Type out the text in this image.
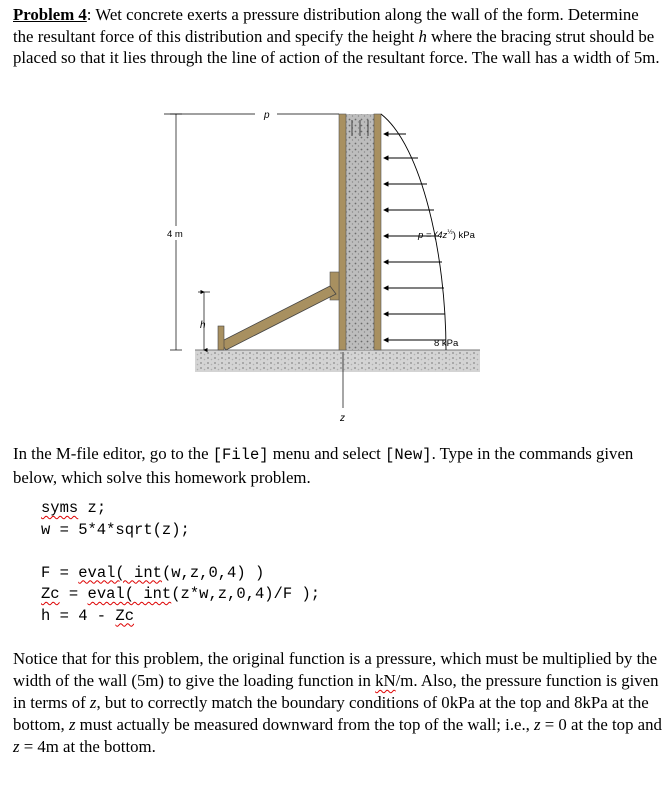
Problem 4: Wet concrete exerts a pressure distribution along the wall of the form. Determine the resultant force of this distribution and specify the height h where the bracing strut should be placed so that it lies through the line of action of the resultant force. The wall has a width of 5m.
p
4 m
h
z
$p = (4z^{\frac{1}{2}})$ kPa
8 kPa
In the M-file editor, go to the [File] menu and select [New]. Type in the commands given below, which solve this homework problem.
syms z;
w = 5*4*sqrt(z);

F = eval( int(w,z,0,4) )
Zc = eval( int(z*w,z,0,4)/F );
h = 4 - Zc
Notice that for this problem, the original function is a pressure, which must be multiplied by the width of the wall (5m) to give the loading function in kN/m. Also, the pressure function is given in terms of z, but to correctly match the boundary conditions of 0kPa at the top and 8kPa at the bottom, z must actually be measured downward from the top of the wall; i.e., z = 0 at the top and z = 4m at the bottom.
